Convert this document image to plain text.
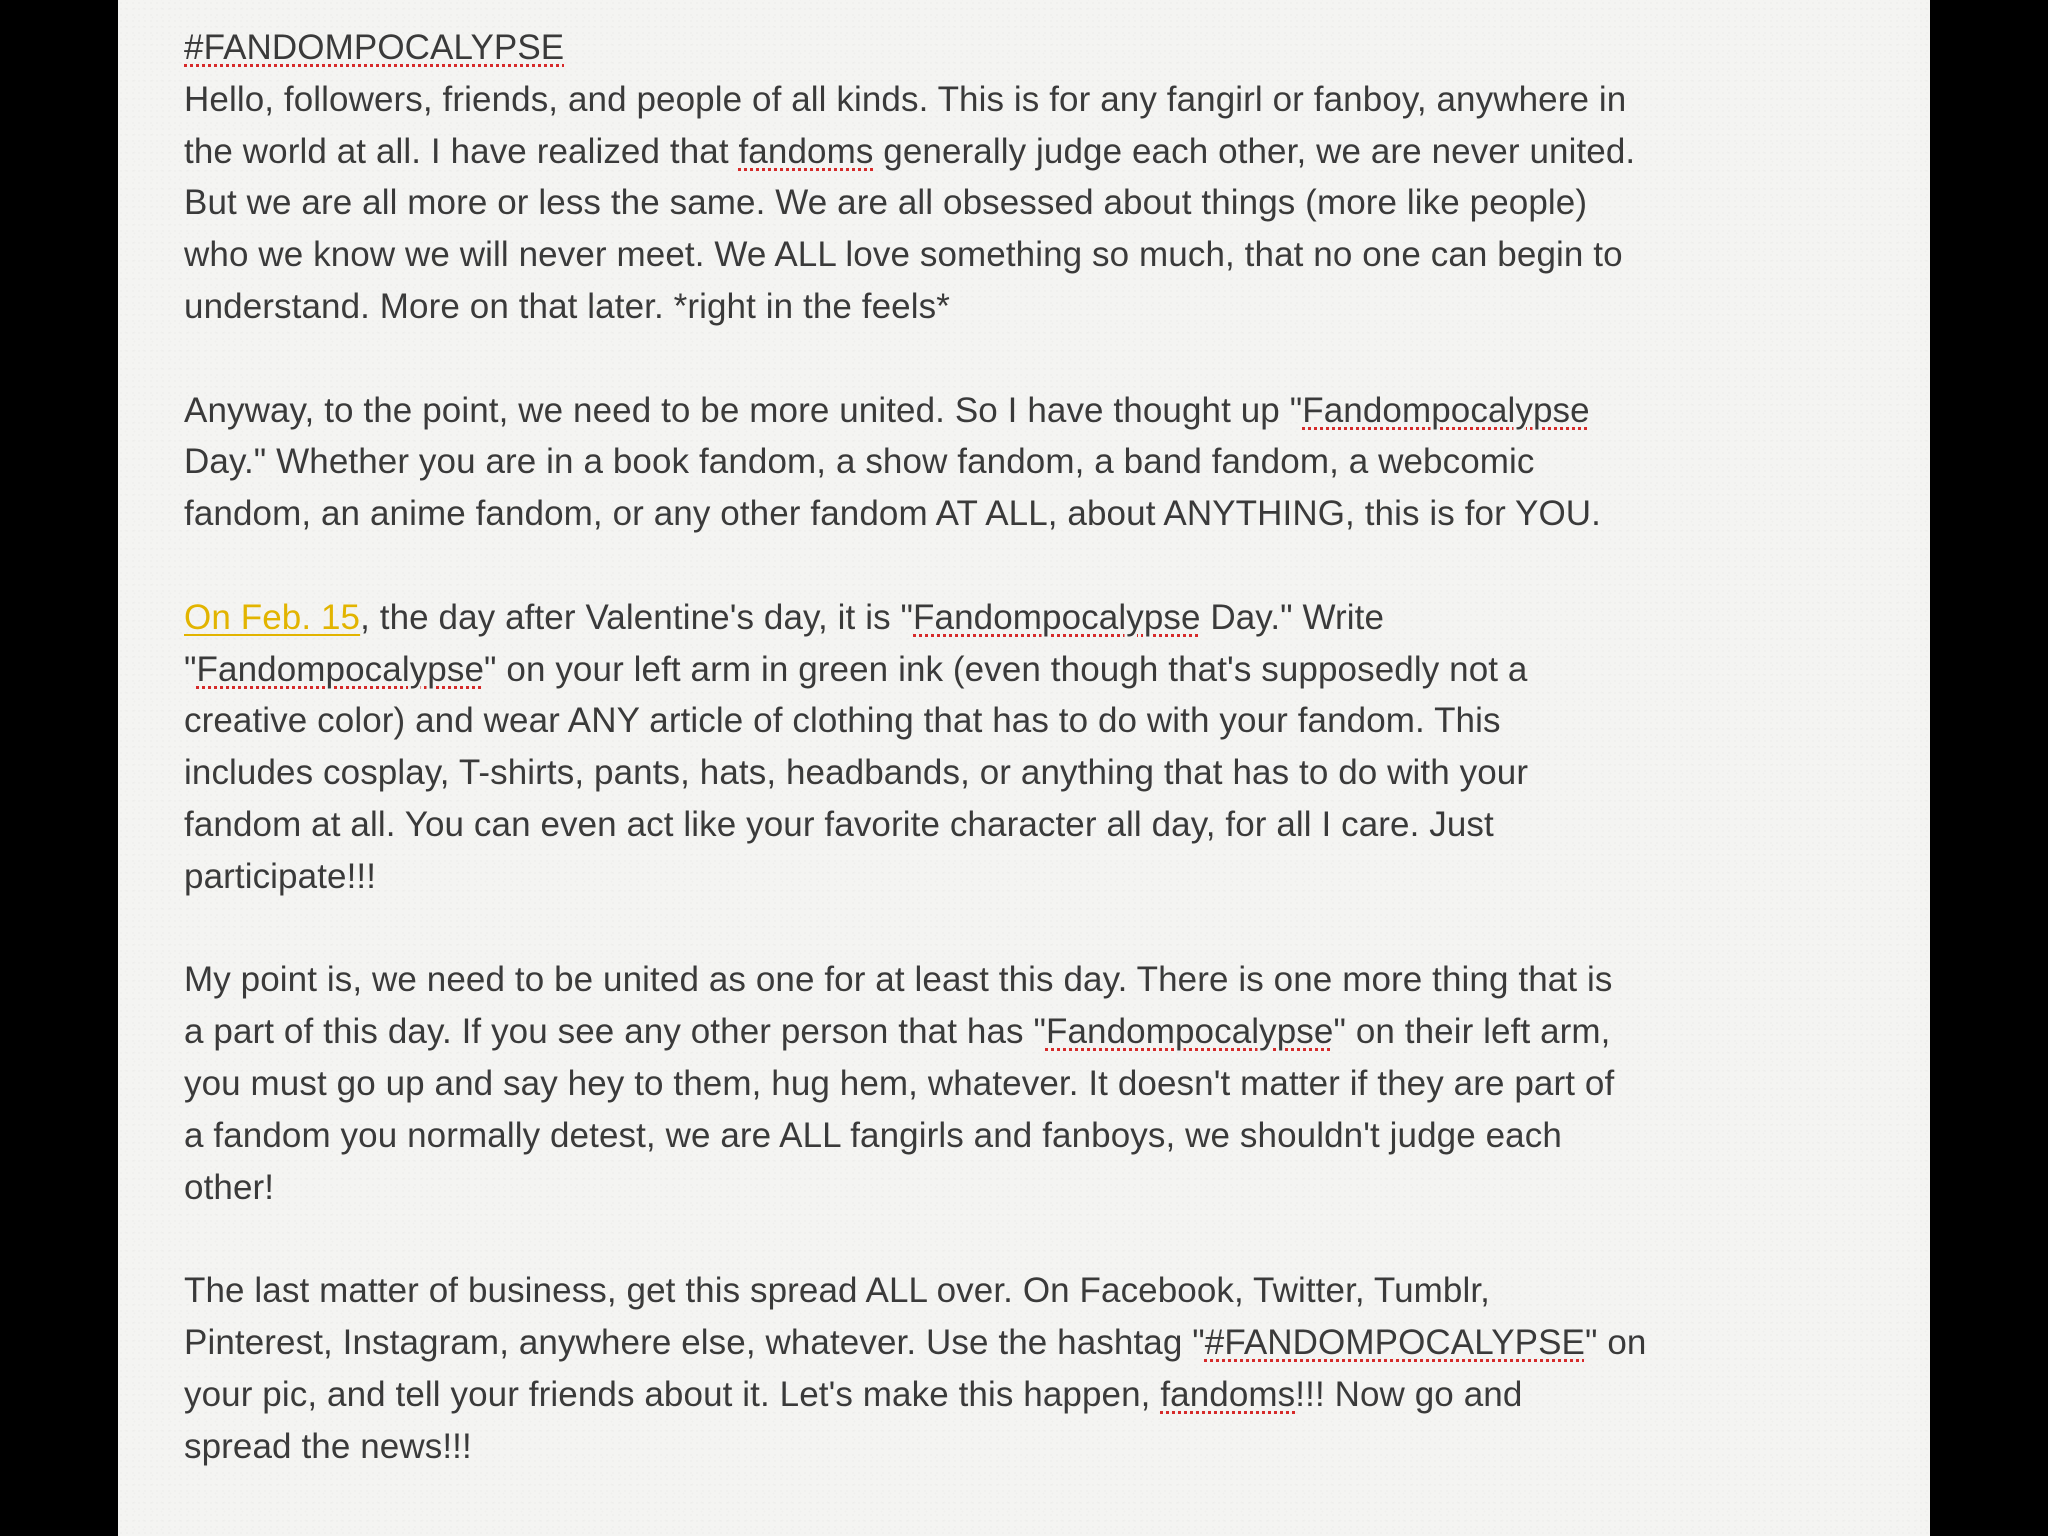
#FANDOMPOCALYPSE
Hello, followers, friends, and people of all kinds. This is for any fangirl or fanboy, anywhere in
the world at all. I have realized that fandoms generally judge each other, we are never united.
But we are all more or less the same. We are all obsessed about things (more like people)
who we know we will never meet. We ALL love something so much, that no one can begin to
understand. More on that later. *right in the feels*
Anyway, to the point, we need to be more united. So I have thought up "Fandompocalypse
Day." Whether you are in a book fandom, a show fandom, a band fandom, a webcomic
fandom, an anime fandom, or any other fandom AT ALL, about ANYTHING, this is for YOU.
On Feb. 15, the day after Valentine's day, it is "Fandompocalypse Day." Write
"Fandompocalypse" on your left arm in green ink (even though that's supposedly not a
creative color) and wear ANY article of clothing that has to do with your fandom. This
includes cosplay, T-shirts, pants, hats, headbands, or anything that has to do with your
fandom at all. You can even act like your favorite character all day, for all I care. Just
participate!!!
My point is, we need to be united as one for at least this day. There is one more thing that is
a part of this day. If you see any other person that has "Fandompocalypse" on their left arm,
you must go up and say hey to them, hug hem, whatever. It doesn't matter if they are part of
a fandom you normally detest, we are ALL fangirls and fanboys, we shouldn't judge each
other!
The last matter of business, get this spread ALL over. On Facebook, Twitter, Tumblr,
Pinterest, Instagram, anywhere else, whatever. Use the hashtag "#FANDOMPOCALYPSE" on
your pic, and tell your friends about it. Let's make this happen, fandoms!!! Now go and
spread the news!!!
